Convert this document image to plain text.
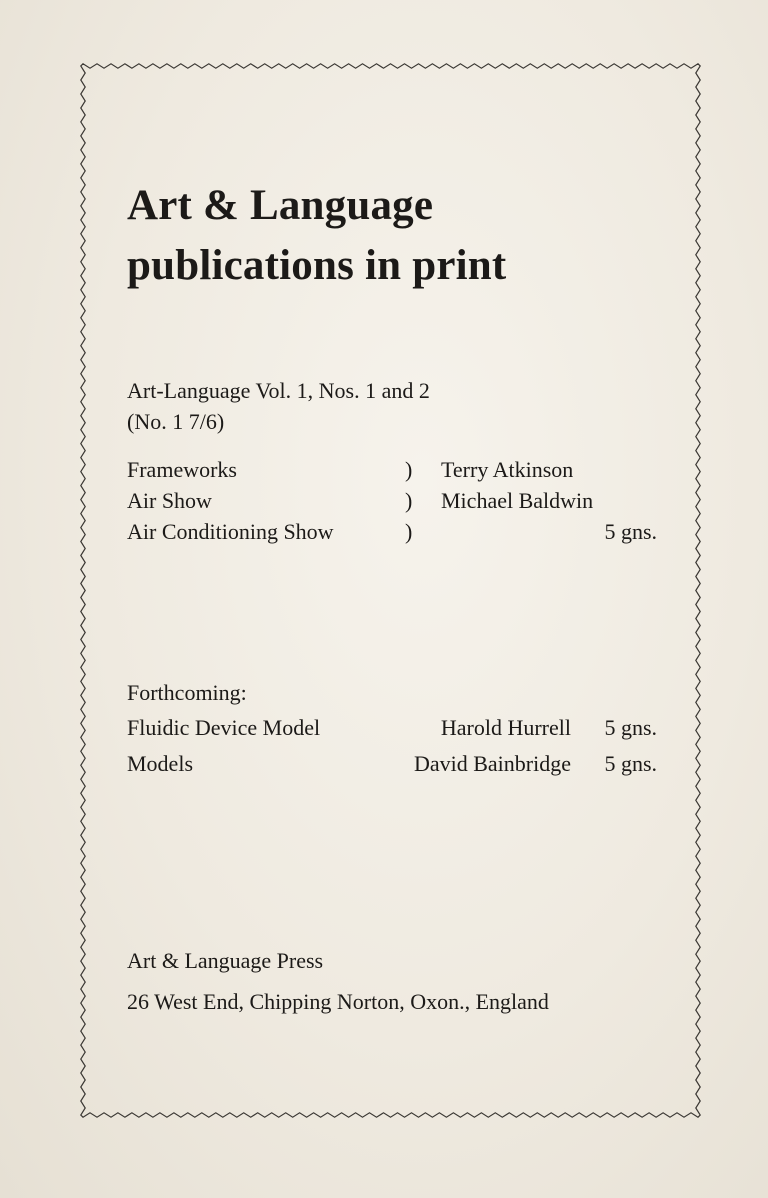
Art & Language
publications in print

Art-Language Vol. 1, Nos. 1 and 2

(No. 1 7/6)

Frameworks	) Terry Atkinson

Air Show	) Michael Baldwin

Air Conditioning Show	)	5 gns.

Forthcoming:

Fluidic Device Model	Harold Hurrell 5 gns.

Models	David Bainbridge 5 gns.

Art & Language Press

26 West End, Chipping Norton, Oxon., England
